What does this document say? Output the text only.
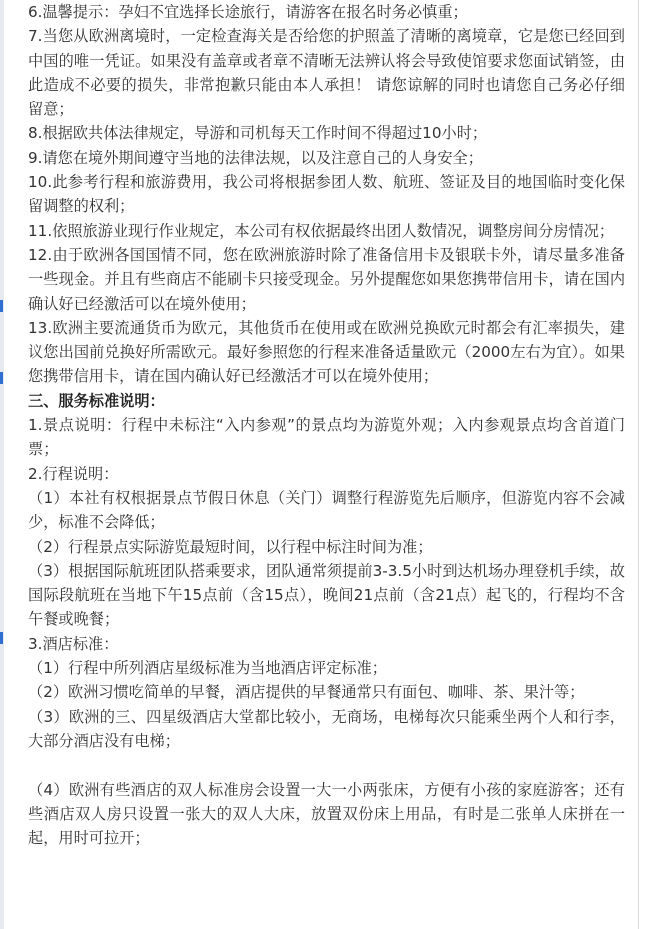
6.温馨提示：孕妇不宜选择长途旅行，请游客在报名时务必慎重；

7.当您从欧洲离境时，一定检查海关是否给您的护照盖了清晰的离境章，它是您已经回到中国的唯一凭证。如果没有盖章或者章不清晰无法辨认将会导致使馆要求您面试销签，由此造成不必要的损失，非常抱歉只能由本人承担！ 请您谅解的同时也请您自己务必仔细留意；

8.根据欧共体法律规定，导游和司机每天工作时间不得超过10小时；

9.请您在境外期间遵守当地的法律法规，以及注意自己的人身安全；

10.此参考行程和旅游费用，我公司将根据参团人数、航班、签证及目的地国临时变化保留调整的权利；

11.依照旅游业现行作业规定，本公司有权依据最终出团人数情况，调整房间分房情况；

12.由于欧洲各国国情不同，您在欧洲旅游时除了准备信用卡及银联卡外，请尽量多准备一些现金。并且有些商店不能刷卡只接受现金。另外提醒您如果您携带信用卡，请在国内确认好已经激活可以在境外使用；

13.欧洲主要流通货币为欧元，其他货币在使用或在欧洲兑换欧元时都会有汇率损失，建议您出国前兑换好所需欧元。最好参照您的行程来准备适量欧元（2000左右为宜）。如果您携带信用卡，请在国内确认好已经激活才可以在境外使用；

三、服务标准说明：

1.景点说明：行程中未标注“入内参观”的景点均为游览外观；入内参观景点均含首道门票；

2.行程说明：

（1）本社有权根据景点节假日休息（关门）调整行程游览先后顺序，但游览内容不会减少，标准不会降低；

（2）行程景点实际游览最短时间，以行程中标注时间为准；

（3）根据国际航班团队搭乘要求，团队通常须提前3-3.5小时到达机场办理登机手续，故国际段航班在当地下午15点前（含15点），晚间21点前（含21点）起飞的，行程均不含午餐或晚餐；

3.酒店标准：

（1）行程中所列酒店星级标准为当地酒店评定标准；

（2）欧洲习惯吃简单的早餐，酒店提供的早餐通常只有面包、咖啡、茶、果汁等；

（3）欧洲的三、四星级酒店大堂都比较小，无商场，电梯每次只能乘坐两个人和行李，大部分酒店没有电梯；

（4）欧洲有些酒店的双人标准房会设置一大一小两张床，方便有小孩的家庭游客；还有些酒店双人房只设置一张大的双人大床，放置双份床上用品，有时是二张单人床拼在一起，用时可拉开；
